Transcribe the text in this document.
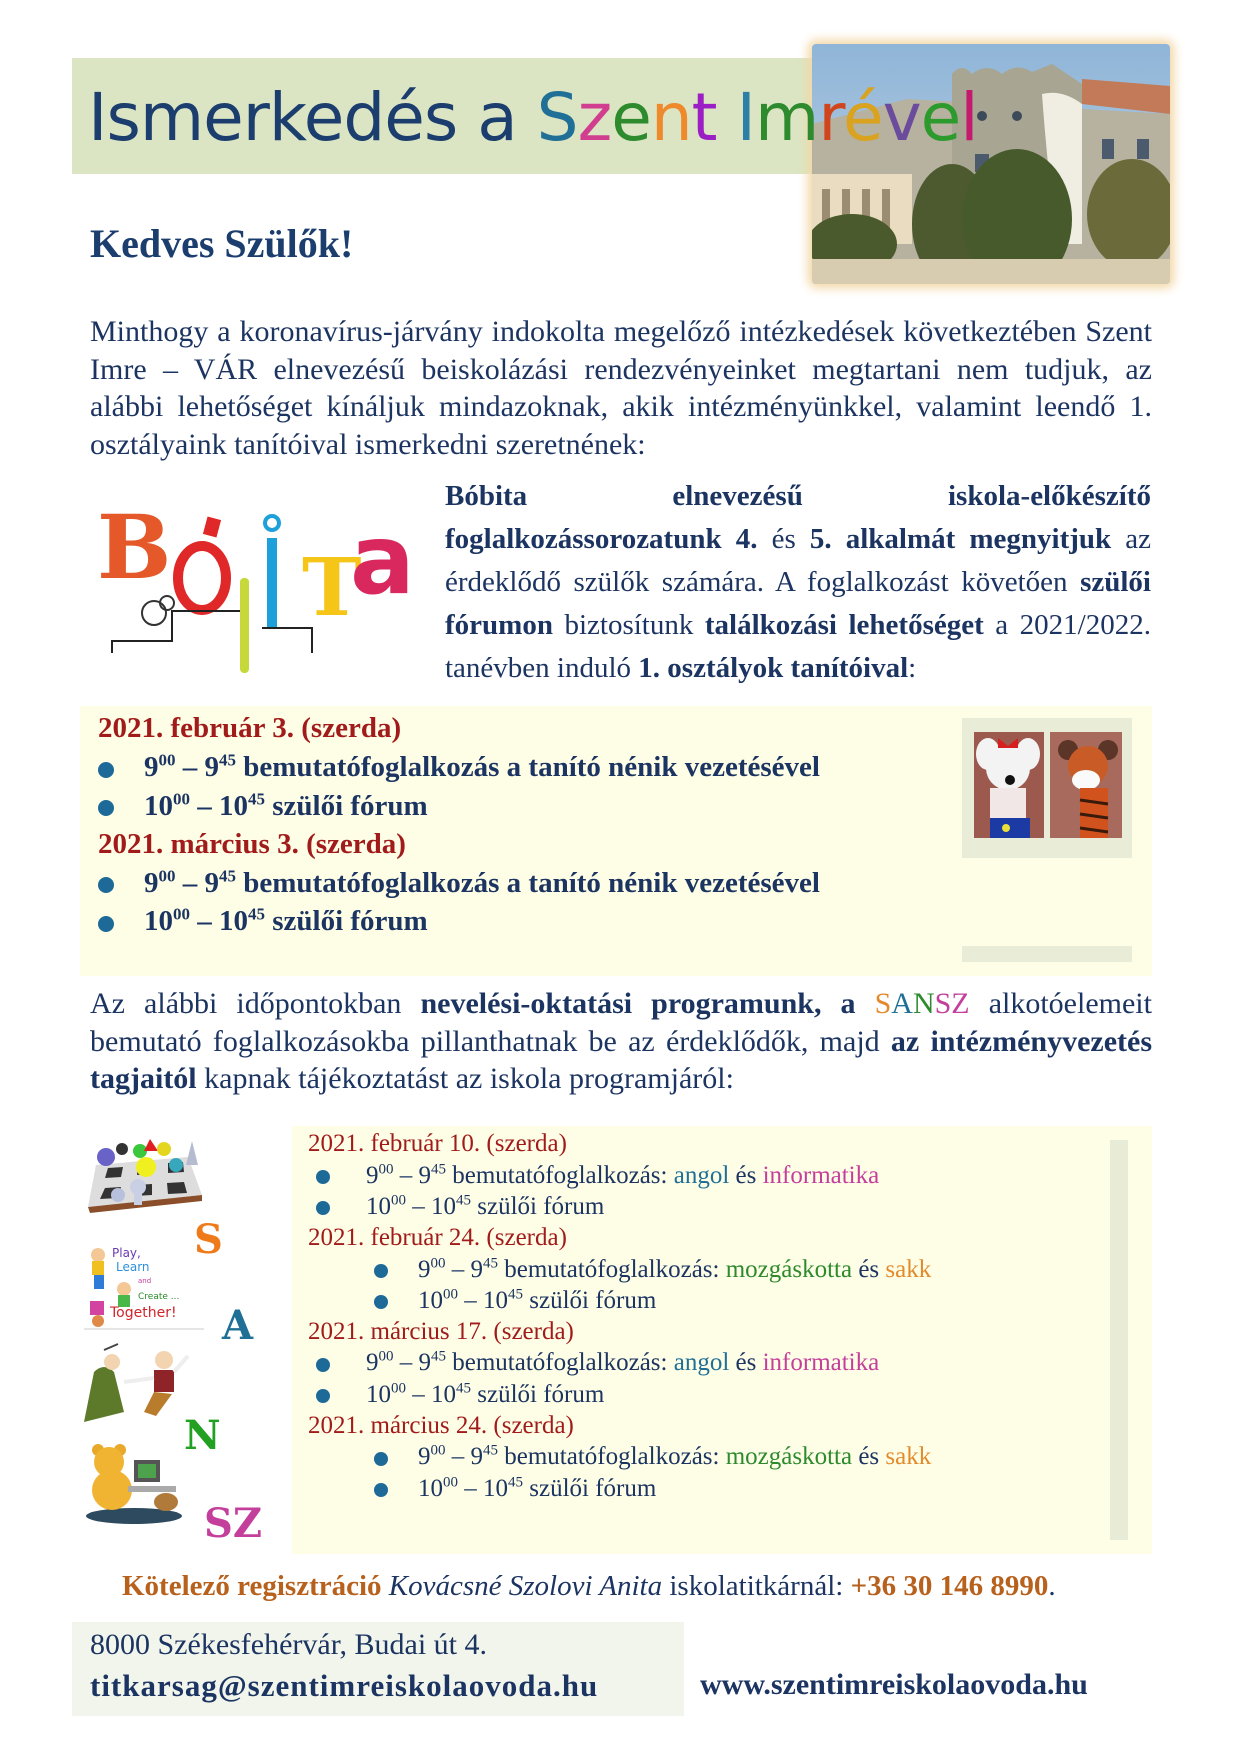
Ismerkedés a Szent Imrével
Kedves Szülők!
Minthogy a koronavírus-járvány indokolta megelőző intézkedések következtében Szent Imre – VÁR elnevezésű beiskolázási rendezvényeinket megtartani nem tudjuk, az alábbi lehetőséget kínáljuk mindazoknak, akik intézményünkkel, valamint leendő 1. osztályaink tanítóival ismerkedni szeretnének:
B T
a
Bóbita elnevezésű iskola-előkészítő foglalkozássorozatunk 4. és 5. alkalmát megnyitjuk az érdeklődő szülők számára. A foglalkozást követően szülői fórumon biztosítunk találkozási lehetőséget a 2021/2022. tanévben induló 1. osztályok tanítóival:
2021. február 3. (szerda)
$9^{00} - 9^{45}$ bemutatófoglalkozás a tanító nénik vezetésével
$10^{00} - 10^{45}$ szülői fórum
2021. március 3. (szerda)
$9^{00} - 9^{45}$ bemutatófoglalkozás a tanító nénik vezetésével
$10^{00} - 10^{45}$ szülői fórum
Az alábbi időpontokban nevelési-oktatási programunk, a SANSZ alkotóelemeit bemutató foglalkozásokba pillanthatnak be az érdeklődők, majd az intézményvezetés tagjaitól kapnak tájékoztatást az iskola programjáról:
S
Play,
Learn
and
Create ...
Together! A
N
SZ
2021. február 10. (szerda)
$9^{00} - 9^{45}$ bemutatófoglalkozás: angol és informatika
$10^{00} - 10^{45}$ szülői fórum
2021. február 24. (szerda)
$9^{00} - 9^{45}$ bemutatófoglalkozás: mozgáskotta és sakk
$10^{00} - 10^{45}$ szülői fórum
2021. március 17. (szerda)
$9^{00} - 9^{45}$ bemutatófoglalkozás: angol és informatika
$10^{00} - 10^{45}$ szülői fórum
2021. március 24. (szerda)
$9^{00} - 9^{45}$ bemutatófoglalkozás: mozgáskotta és sakk
$10^{00} - 10^{45}$ szülői fórum
Kötelező regisztráció Kovácsné Szolovi Anita iskolatitkárnál: +36 30 146 8990.
8000 Székesfehérvár, Budai út 4.
titkarsag@szentimreiskolaovoda.hu	www.szentimreiskolaovoda.hu
